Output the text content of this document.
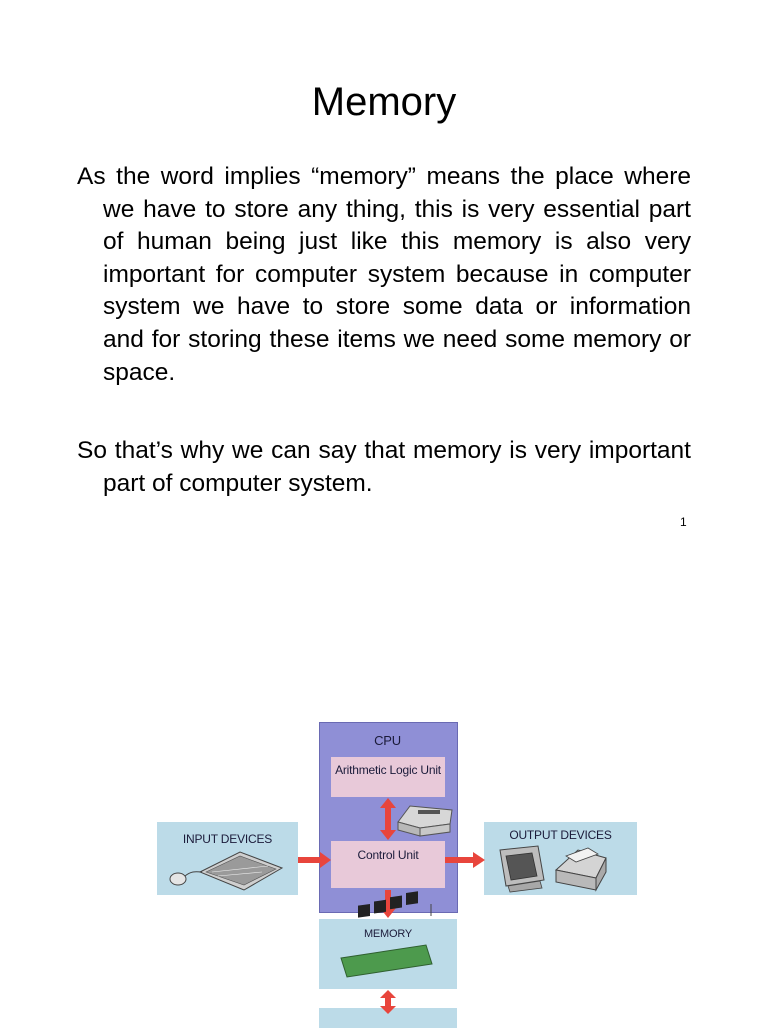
Memory
As the word implies “memory” means the place where we have to store any thing, this is very essential part of human being just like this memory is also very important for computer system because in computer system we have to store some data or information and for storing these items we need some memory or space.
So that’s why we can say that memory is very important part of computer system.
1
CPU
Arithmetic Logic Unit
Control Unit
INPUT DEVICES	OUTPUT DEVICES
MEMORY
